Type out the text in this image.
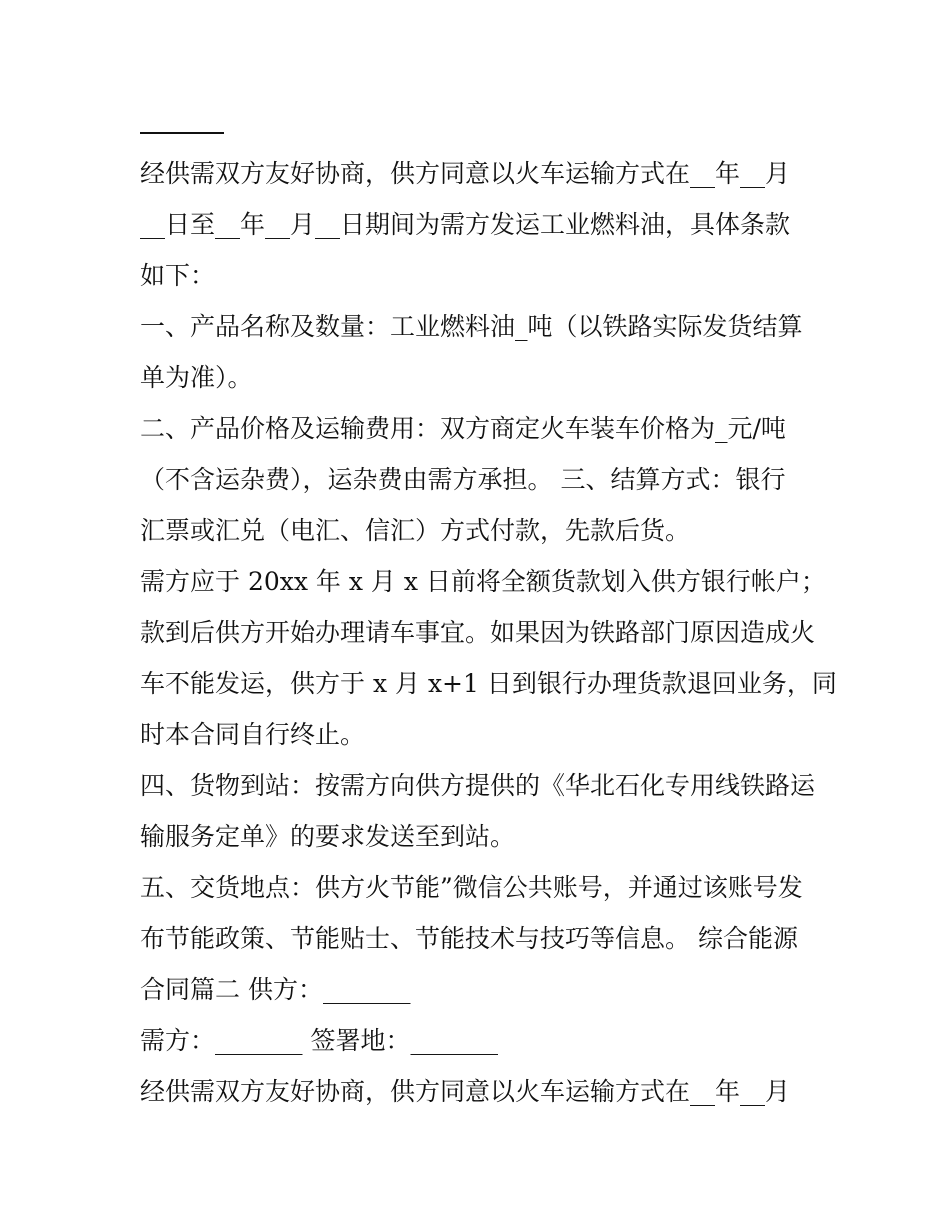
经供需双方友好协商，供方同意以火车运输方式在__年__月

__日至__年__月__日期间为需方发运工业燃料油，具体条款

如下：

一、产品名称及数量：工业燃料油_吨（以铁路实际发货结算

单为准）。

二、产品价格及运输费用：双方商定火车装车价格为_元/吨

（不含运杂费），运杂费由需方承担。 三、结算方式：银行

汇票或汇兑（电汇、信汇）方式付款，先款后货。

需方应于 20xx 年 x 月 x 日前将全额货款划入供方银行帐户；

款到后供方开始办理请车事宜。如果因为铁路部门原因造成火

车不能发运，供方于 x 月 x+1 日到银行办理货款退回业务，同

时本合同自行终止。

四、货物到站：按需方向供方提供的《华北石化专用线铁路运

输服务定单》的要求发送至到站。

五、交货地点：供方火节能”微信公共账号，并通过该账号发

布节能政策、节能贴士、节能技术与技巧等信息。 综合能源

合同篇二 供方：_______

需方：_______ 签署地：_______

经供需双方友好协商，供方同意以火车运输方式在__年__月
